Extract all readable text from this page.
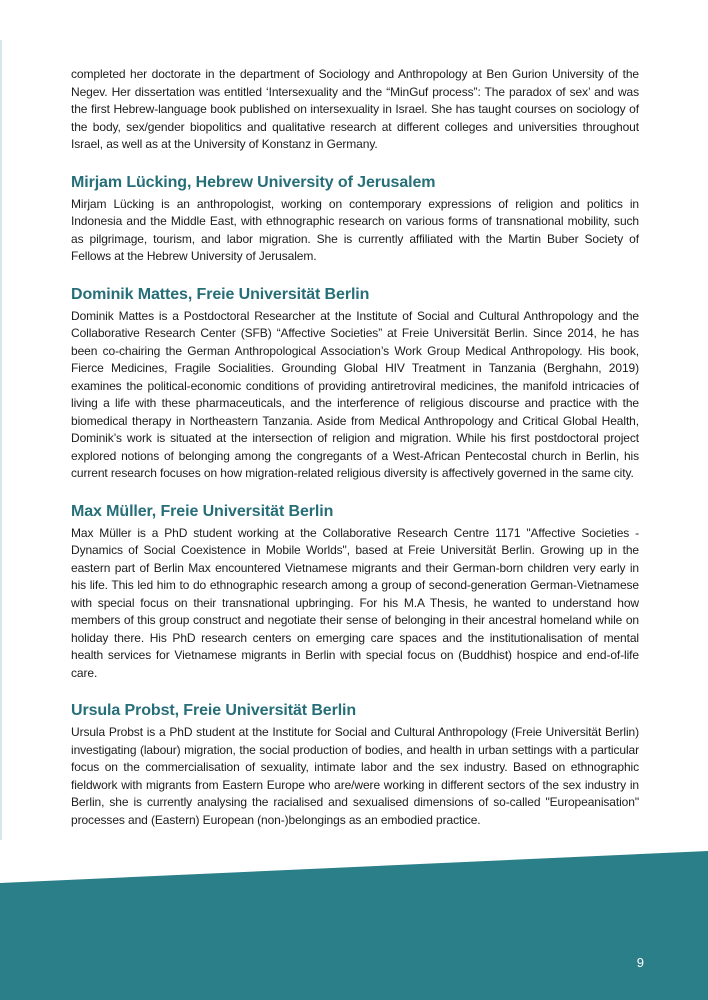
completed her doctorate in the department of Sociology and Anthropology at Ben Gurion University of the Negev. Her dissertation was entitled ‘Intersexuality and the “MinGuf process”: The paradox of sex’ and was the first Hebrew-language book published on intersexuality in Israel. She has taught courses on sociology of the body, sex/gender biopolitics and qualitative research at different colleges and universities throughout Israel, as well as at the University of Konstanz in Germany.

Mirjam Lücking, Hebrew University of Jerusalem

Mirjam Lücking is an anthropologist, working on contemporary expressions of religion and politics in Indonesia and the Middle East, with ethnographic research on various forms of transnational mobility, such as pilgrimage, tourism, and labor migration. She is currently affiliated with the Martin Buber Society of Fellows at the Hebrew University of Jerusalem.

Dominik Mattes, Freie Universität Berlin

Dominik Mattes is a Postdoctoral Researcher at the Institute of Social and Cultural Anthropology and the Collaborative Research Center (SFB) “Affective Societies” at Freie Universität Berlin. Since 2014, he has been co-chairing the German Anthropological Association’s Work Group Medical Anthropology. His book, Fierce Medicines, Fragile Socialities. Grounding Global HIV Treatment in Tanzania (Berghahn, 2019) examines the political-economic conditions of providing antiretroviral medicines, the manifold intricacies of living a life with these pharmaceuticals, and the interference of religious discourse and practice with the biomedical therapy in Northeastern Tanzania. Aside from Medical Anthropology and Critical Global Health, Dominik’s work is situated at the intersection of religion and migration. While his first postdoctoral project explored notions of belonging among the congregants of a West-African Pentecostal church in Berlin, his current research focuses on how migration-related religious diversity is affectively governed in the same city.

Max Müller, Freie Universität Berlin

Max Müller is a PhD student working at the Collaborative Research Centre 1171 "Affective Societies - Dynamics of Social Coexistence in Mobile Worlds", based at Freie Universität Berlin. Growing up in the eastern part of Berlin Max encountered Vietnamese migrants and their German-born children very early in his life. This led him to do ethnographic research among a group of second-generation German-Vietnamese with special focus on their transnational upbringing. For his M.A Thesis, he wanted to understand how members of this group construct and negotiate their sense of belonging in their ancestral homeland while on holiday there. His PhD research centers on emerging care spaces and the institutionalisation of mental health services for Vietnamese migrants in Berlin with special focus on (Buddhist) hospice and end-of-life care.

Ursula Probst, Freie Universität Berlin

Ursula Probst is a PhD student at the Institute for Social and Cultural Anthropology (Freie Universität Berlin) investigating (labour) migration, the social production of bodies, and health in urban settings with a particular focus on the commercialisation of sexuality, intimate labor and the sex industry. Based on ethnographic fieldwork with migrants from Eastern Europe who are/were working in different sectors of the sex industry in Berlin, she is currently analysing the racialised and sexualised dimensions of so-called "Europeanisation" processes and (Eastern) European (non-)belongings as an embodied practice.

9
